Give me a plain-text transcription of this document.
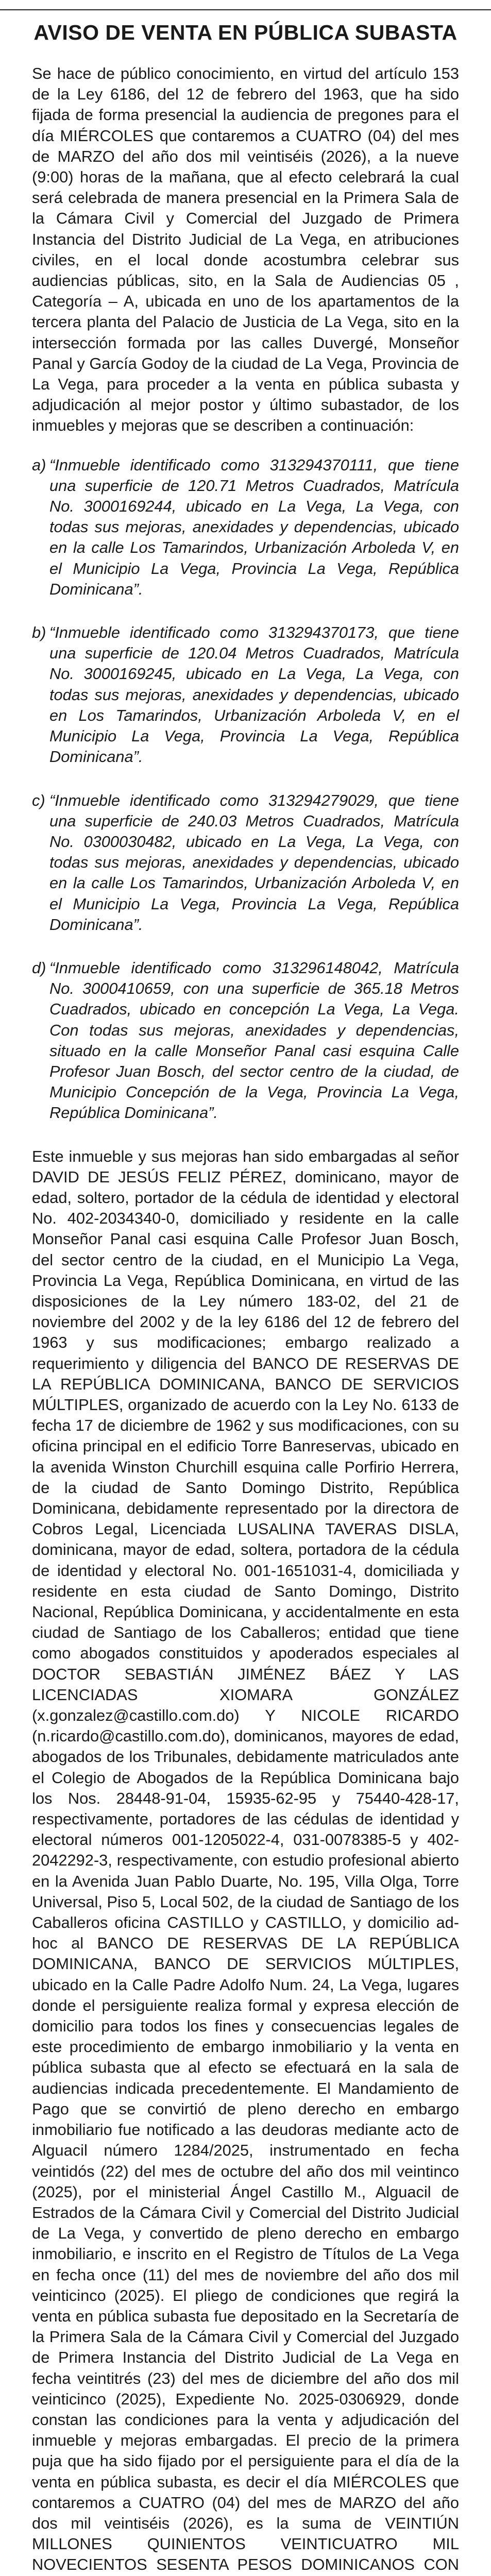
AVISO DE VENTA EN PÚBLICA SUBASTA

Se hace de público conocimiento, en virtud del artículo 153 de la Ley 6186, del 12 de febrero del 1963, que ha sido fijada de forma presencial la audiencia de pregones para el día MIÉRCOLES que contaremos a CUATRO (04) del mes de MARZO del año dos mil veintiséis (2026), a la nueve (9:00) horas de la mañana, que al efecto celebrará la cual será celebrada de manera presencial en la Primera Sala de la Cámara Civil y Comercial del Juzgado de Primera Instancia del Distrito Judicial de La Vega, en atribuciones civiles, en el local donde acostumbra celebrar sus audiencias públicas, sito, en la Sala de Audiencias 05 , Categoría – A, ubicada en uno de los apartamentos de la tercera planta del Palacio de Justicia de La Vega, sito en la intersección formada por las calles Duvergé, Monseñor Panal y García Godoy de la ciudad de La Vega, Provincia de La Vega, para proceder a la venta en pública subasta y adjudicación al mejor postor y último subastador, de los inmuebles y mejoras que se describen a continuación:

a) “Inmueble identificado como 313294370111, que tiene una superficie de 120.71 Metros Cuadrados, Matrícula No. 3000169244, ubicado en La Vega, La Vega, con todas sus mejoras, anexidades y dependencias, ubicado en la calle Los Tamarindos, Urbanización Arboleda V, en el Municipio La Vega, Provincia La Vega, República Dominicana”.
b) “Inmueble identificado como 313294370173, que tiene una superficie de 120.04 Metros Cuadrados, Matrícula No. 3000169245, ubicado en La Vega, La Vega, con todas sus mejoras, anexidades y dependencias, ubicado en Los Tamarindos, Urbanización Arboleda V, en el Municipio La Vega, Provincia La Vega, República Dominicana”.
c) “Inmueble identificado como 313294279029, que tiene una superficie de 240.03 Metros Cuadrados, Matrícula No. 0300030482, ubicado en La Vega, La Vega, con todas sus mejoras, anexidades y dependencias, ubicado en la calle Los Tamarindos, Urbanización Arboleda V, en el Municipio La Vega, Provincia La Vega, República Dominicana”.
d) “Inmueble identificado como 313296148042, Matrícula No. 3000410659, con una superficie de 365.18 Metros Cuadrados, ubicado en concepción La Vega, La Vega. Con todas sus mejoras, anexidades y dependencias, situado en la calle Monseñor Panal casi esquina Calle Profesor Juan Bosch, del sector centro de la ciudad, de Municipio Concepción de la Vega, Provincia La Vega, República Dominicana”.

Este inmueble y sus mejoras han sido embargadas al señor DAVID DE JESÚS FELIZ PÉREZ, dominicano, mayor de edad, soltero, portador de la cédula de identidad y electoral No. 402-2034340-0, domiciliado y residente en la calle Monseñor Panal casi esquina Calle Profesor Juan Bosch, del sector centro de la ciudad, en el Municipio La Vega, Provincia La Vega, República Dominicana, en virtud de las disposiciones de la Ley número 183-02, del 21 de noviembre del 2002 y de la ley 6186 del 12 de febrero del 1963 y sus modificaciones; embargo realizado a requerimiento y diligencia del BANCO DE RESERVAS DE LA REPÚBLICA DOMINICANA, BANCO DE SERVICIOS MÚLTIPLES, organizado de acuerdo con la Ley No. 6133 de fecha 17 de diciembre de 1962 y sus modificaciones, con su oficina principal en el edificio Torre Banreservas, ubicado en la avenida Winston Churchill esquina calle Porfirio Herrera, de la ciudad de Santo Domingo Distrito, República Dominicana, debidamente representado por la directora de Cobros Legal, Licenciada LUSALINA TAVERAS DISLA, dominicana, mayor de edad, soltera, portadora de la cédula de identidad y electoral No. 001-1651031-4, domiciliada y residente en esta ciudad de Santo Domingo, Distrito Nacional, República Dominicana, y accidentalmente en esta ciudad de Santiago de los Caballeros; entidad que tiene como abogados constituidos y apoderados especiales al DOCTOR SEBASTIÁN JIMÉNEZ BÁEZ Y LAS LICENCIADAS XIOMARA GONZÁLEZ (x.gonzalez@castillo.com.do) Y NICOLE RICARDO (n.ricardo@castillo.com.do), dominicanos, mayores de edad, abogados de los Tribunales, debidamente matriculados ante el Colegio de Abogados de la República Dominicana bajo los Nos. 28448-91-04, 15935-62-95 y 75440-428-17, respectivamente, portadores de las cédulas de identidad y electoral números 001-1205022-4, 031-0078385-5 y 402-2042292-3, respectivamente, con estudio profesional abierto en la Avenida Juan Pablo Duarte, No. 195, Villa Olga, Torre Universal, Piso 5, Local 502, de la ciudad de Santiago de los Caballeros oficina CASTILLO y CASTILLO, y domicilio ad-hoc al BANCO DE RESERVAS DE LA REPÚBLICA DOMINICANA, BANCO DE SERVICIOS MÚLTIPLES, ubicado en la Calle Padre Adolfo Num. 24, La Vega, lugares donde el persiguiente realiza formal y expresa elección de domicilio para todos los fines y consecuencias legales de este procedimiento de embargo inmobiliario y la venta en pública subasta que al efecto se efectuará en la sala de audiencias indicada precedentemente. El Mandamiento de Pago que se convirtió de pleno derecho en embargo inmobiliario fue notificado a las deudoras mediante acto de Alguacil número 1284/2025, instrumentado en fecha veintidós (22) del mes de octubre del año dos mil veintinco (2025), por el ministerial Ángel Castillo M., Alguacil de Estrados de la Cámara Civil y Comercial del Distrito Judicial de La Vega, y convertido de pleno derecho en embargo inmobiliario, e inscrito en el Registro de Títulos de La Vega en fecha once (11) del mes de noviembre del año dos mil veinticinco (2025). El pliego de condiciones que regirá la venta en pública subasta fue depositado en la Secretaría de la Primera Sala de la Cámara Civil y Comercial del Juzgado de Primera Instancia del Distrito Judicial de La Vega en fecha veintitrés (23) del mes de diciembre del año dos mil veinticinco (2025), Expediente No. 2025-0306929, donde constan las condiciones para la venta y adjudicación del inmueble y mejoras embargadas. El precio de la primera puja que ha sido fijado por el persiguiente para el día de la venta en pública subasta, es decir el día MIÉRCOLES que contaremos a CUATRO (04) del mes de MARZO del año dos mil veintiséis (2026), es la suma de VEINTIÚN MILLONES QUINIENTOS VEINTICUATRO MIL NOVECIENTOS SESENTA PESOS DOMINICANOS CON
